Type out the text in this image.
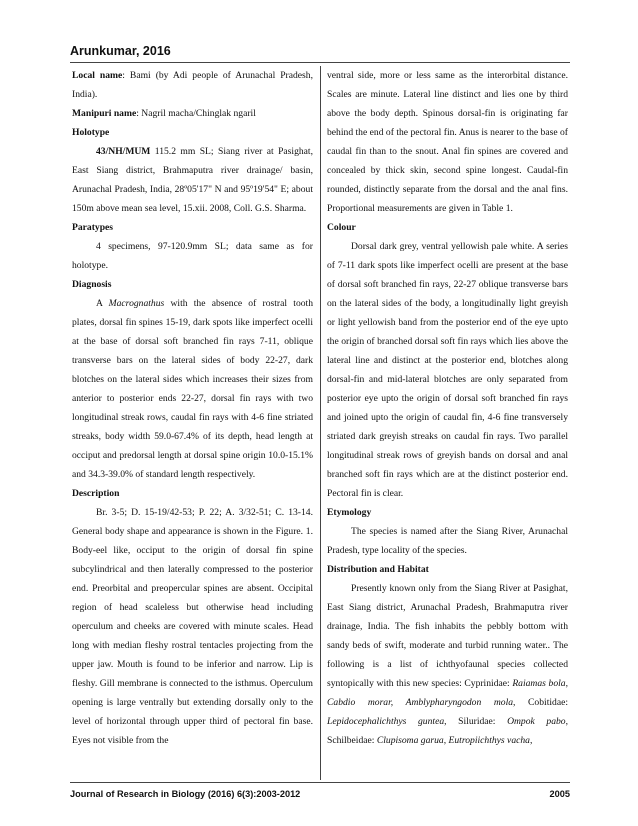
Arunkumar, 2016

Local name: Bami (by Adi people of Arunachal Pradesh, India).

Manipuri name: Nagril macha/Chinglak ngaril

Holotype

43/NH/MUM 115.2 mm SL; Siang river at Pasighat, East Siang district, Brahmaputra river drainage/ basin, Arunachal Pradesh, India, 28º05'17" N and 95º19'54" E; about 150m above mean sea level, 15.xii. 2008, Coll. G.S. Sharma.

Paratypes

4 specimens, 97-120.9mm SL; data same as for holotype.

Diagnosis

A Macrognathus with the absence of rostral tooth plates, dorsal fin spines 15-19, dark spots like imperfect ocelli at the base of dorsal soft branched fin rays 7-11, oblique transverse bars on the lateral sides of body 22-27, dark blotches on the lateral sides which increases their sizes from anterior to posterior ends 22-27, dorsal fin rays with two longitudinal streak rows, caudal fin rays with 4-6 fine striated streaks, body width 59.0-67.4% of its depth, head length at occiput and predorsal length at dorsal spine origin 10.0-15.1% and 34.3-39.0% of standard length respectively.

Description

Br. 3-5; D. 15-19/42-53; P. 22; A. 3/32-51; C. 13-14. General body shape and appearance is shown in the Figure. 1. Body-eel like, occiput to the origin of dorsal fin spine subcylindrical and then laterally compressed to the posterior end. Preorbital and preopercular spines are absent. Occipital region of head scaleless but otherwise head including operculum and cheeks are covered with minute scales. Head long with median fleshy rostral tentacles projecting from the upper jaw. Mouth is found to be inferior and narrow. Lip is fleshy. Gill membrane is connected to the isthmus. Operculum opening is large ventrally but extending dorsally only to the level of horizontal through upper third of pectoral fin base. Eyes not visible from the

ventral side, more or less same as the interorbital distance. Scales are minute. Lateral line distinct and lies one by third above the body depth. Spinous dorsal-fin is originating far behind the end of the pectoral fin. Anus is nearer to the base of caudal fin than to the snout. Anal fin spines are covered and concealed by thick skin, second spine longest. Caudal-fin rounded, distinctly separate from the dorsal and the anal fins. Proportional measurements are given in Table 1.

Colour

Dorsal dark grey, ventral yellowish pale white. A series of 7-11 dark spots like imperfect ocelli are present at the base of dorsal soft branched fin rays, 22-27 oblique transverse bars on the lateral sides of the body, a longitudinally light greyish or light yellowish band from the posterior end of the eye upto the origin of branched dorsal soft fin rays which lies above the lateral line and distinct at the posterior end, blotches along dorsal-fin and mid-lateral blotches are only separated from posterior eye upto the origin of dorsal soft branched fin rays and joined upto the origin of caudal fin, 4-6 fine transversely striated dark greyish streaks on caudal fin rays. Two parallel longitudinal streak rows of greyish bands on dorsal and anal branched soft fin rays which are at the distinct posterior end. Pectoral fin is clear.

Etymology

The species is named after the Siang River, Arunachal Pradesh, type locality of the species.

Distribution and Habitat

Presently known only from the Siang River at Pasighat, East Siang district, Arunachal Pradesh, Brahmaputra river drainage, India. The fish inhabits the pebbly bottom with sandy beds of swift, moderate and turbid running water.. The following is a list of ichthyofaunal species collected syntopically with this new species: Cyprinidae: Raiamas bola, Cabdio morar, Amblypharyngodon mola, Cobitidae: Lepidocephalichthys guntea, Siluridae: Ompok pabo, Schilbeidae: Clupisoma garua, Eutropiichthys vacha,

Journal of Research in Biology (2016) 6(3):2003-2012	2005
